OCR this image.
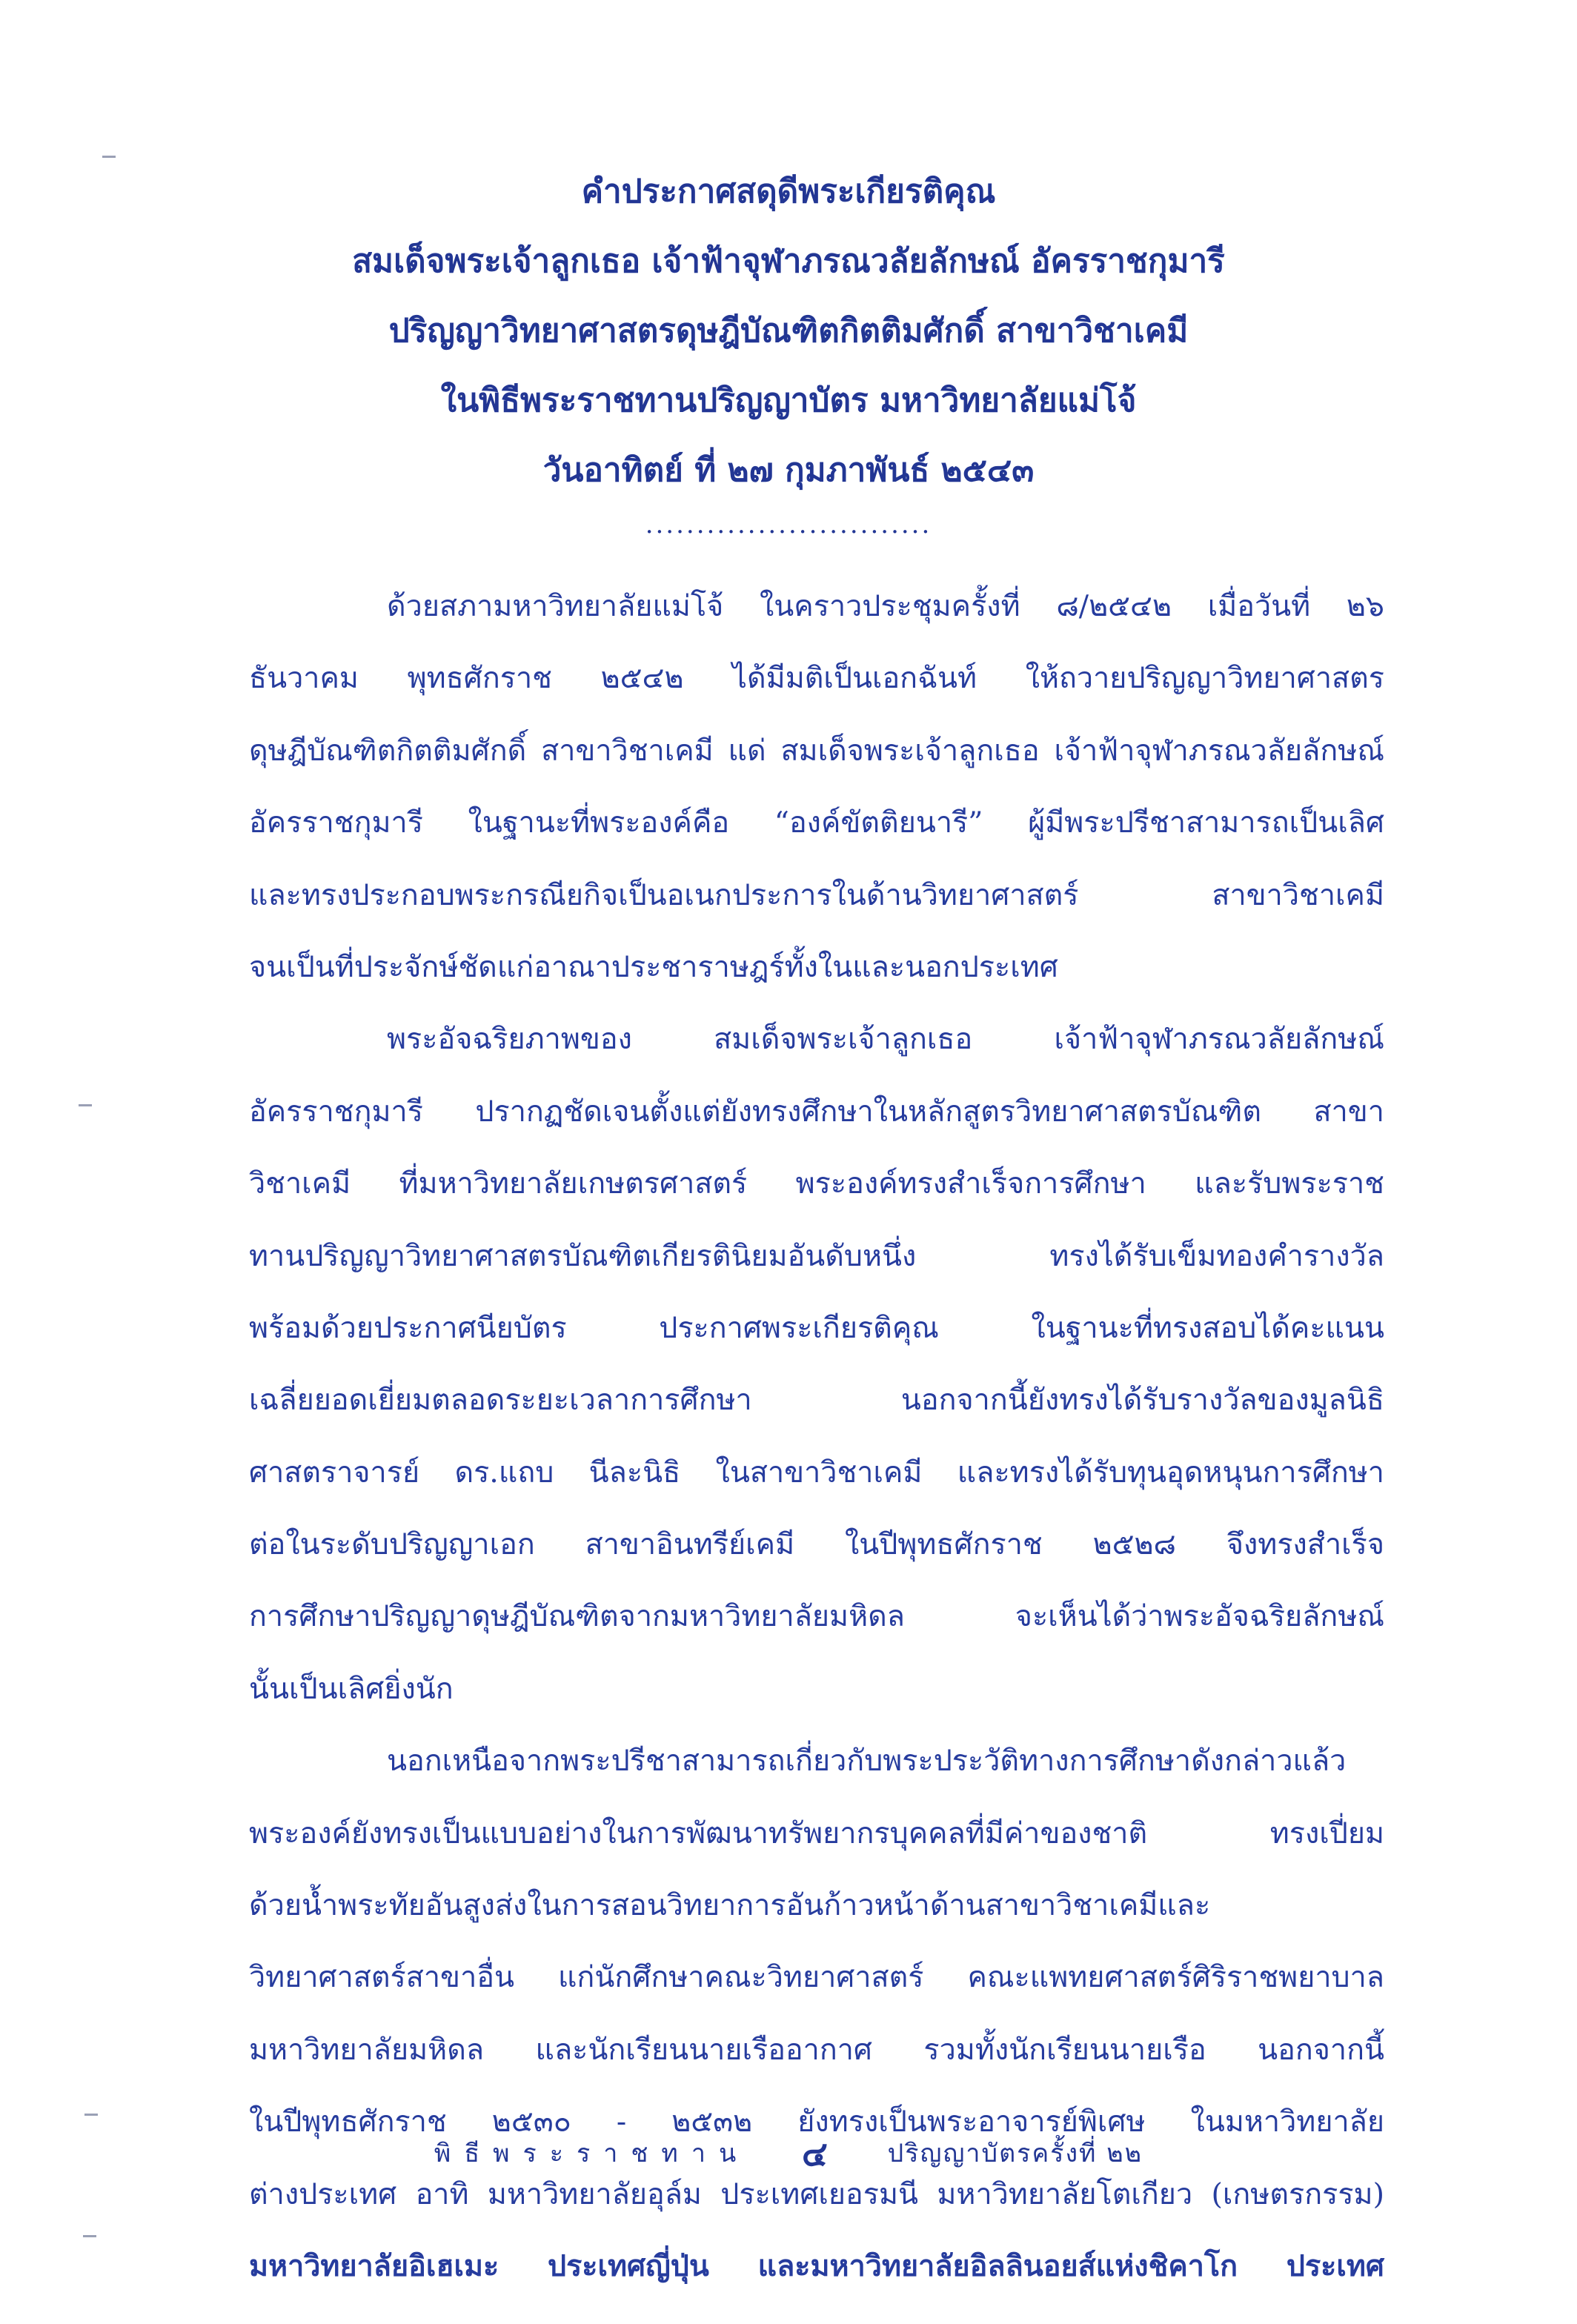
คำประกาศสดุดีพระเกียรติคุณ
สมเด็จพระเจ้าลูกเธอ เจ้าฟ้าจุฬาภรณวลัยลักษณ์ อัครราชกุมารี
ปริญญาวิทยาศาสตรดุษฎีบัณฑิตกิตติมศักดิ์ สาขาวิชาเคมี
ในพิธีพระราชทานปริญญาบัตร มหาวิทยาลัยแม่โจ้
วันอาทิตย์ ที่ ๒๗ กุมภาพันธ์ ๒๕๔๓
............................
ด้วยสภามหาวิทยาลัยแม่โจ้ ในคราวประชุมครั้งที่ ๘/๒๕๔๒ เมื่อวันที่ ๒๖
ธันวาคม พุทธศักราช ๒๕๔๒ ได้มีมติเป็นเอกฉันท์ ให้ถวายปริญญาวิทยาศาสตร
ดุษฎีบัณฑิตกิตติมศักดิ์ สาขาวิชาเคมี แด่ สมเด็จพระเจ้าลูกเธอ เจ้าฟ้าจุฬาภรณวลัยลักษณ์
อัครราชกุมารี ในฐานะที่พระองค์คือ “องค์ขัตติยนารี” ผู้มีพระปรีชาสามารถเป็นเลิศ
และทรงประกอบพระกรณียกิจเป็นอเนกประการในด้านวิทยาศาสตร์ สาขาวิชาเคมี
จนเป็นที่ประจักษ์ชัดแก่อาณาประชาราษฎร์ทั้งในและนอกประเทศ
พระอัจฉริยภาพของ สมเด็จพระเจ้าลูกเธอ เจ้าฟ้าจุฬาภรณวลัยลักษณ์
อัครราชกุมารี ปรากฏชัดเจนตั้งแต่ยังทรงศึกษาในหลักสูตรวิทยาศาสตรบัณฑิต สาขา
วิชาเคมี ที่มหาวิทยาลัยเกษตรศาสตร์ พระองค์ทรงสำเร็จการศึกษา และรับพระราช
ทานปริญญาวิทยาศาสตรบัณฑิตเกียรตินิยมอันดับหนึ่ง ทรงได้รับเข็มทองคำรางวัล
พร้อมด้วยประกาศนียบัตร ประกาศพระเกียรติคุณ ในฐานะที่ทรงสอบได้คะแนน
เฉลี่ยยอดเยี่ยมตลอดระยะเวลาการศึกษา นอกจากนี้ยังทรงได้รับรางวัลของมูลนิธิ
ศาสตราจารย์ ดร.แถบ นีละนิธิ ในสาขาวิชาเคมี และทรงได้รับทุนอุดหนุนการศึกษา
ต่อในระดับปริญญาเอก สาขาอินทรีย์เคมี ในปีพุทธศักราช ๒๕๒๘ จึงทรงสำเร็จ
การศึกษาปริญญาดุษฎีบัณฑิตจากมหาวิทยาลัยมหิดล จะเห็นได้ว่าพระอัจฉริยลักษณ์
นั้นเป็นเลิศยิ่งนัก
นอกเหนือจากพระปรีชาสามารถเกี่ยวกับพระประวัติทางการศึกษาดังกล่าวแล้ว
พระองค์ยังทรงเป็นแบบอย่างในการพัฒนาทรัพยากรบุคคลที่มีค่าของชาติ ทรงเปี่ยม
ด้วยน้ำพระทัยอันสูงส่งในการสอนวิทยาการอันก้าวหน้าด้านสาขาวิชาเคมีและ
วิทยาศาสตร์สาขาอื่น แก่นักศึกษาคณะวิทยาศาสตร์ คณะแพทยศาสตร์ศิริราชพยาบาล
มหาวิทยาลัยมหิดล และนักเรียนนายเรืออากาศ รวมทั้งนักเรียนนายเรือ นอกจากนี้
ในปีพุทธศักราช ๒๕๓๐ - ๒๕๓๒ ยังทรงเป็นพระอาจารย์พิเศษ ในมหาวิทยาลัย
ต่างประเทศ อาทิ มหาวิทยาลัยอุล์ม ประเทศเยอรมนี มหาวิทยาลัยโตเกียว (เกษตรกรรม)
มหาวิทยาลัยอิเฮเมะ ประเทศญี่ปุ่น และมหาวิทยาลัยอิลลินอยส์แห่งชิคาโก ประเทศ
พิธีพระราชทาน ๔ ปริญญาบัตรครั้งที่ ๒๒
